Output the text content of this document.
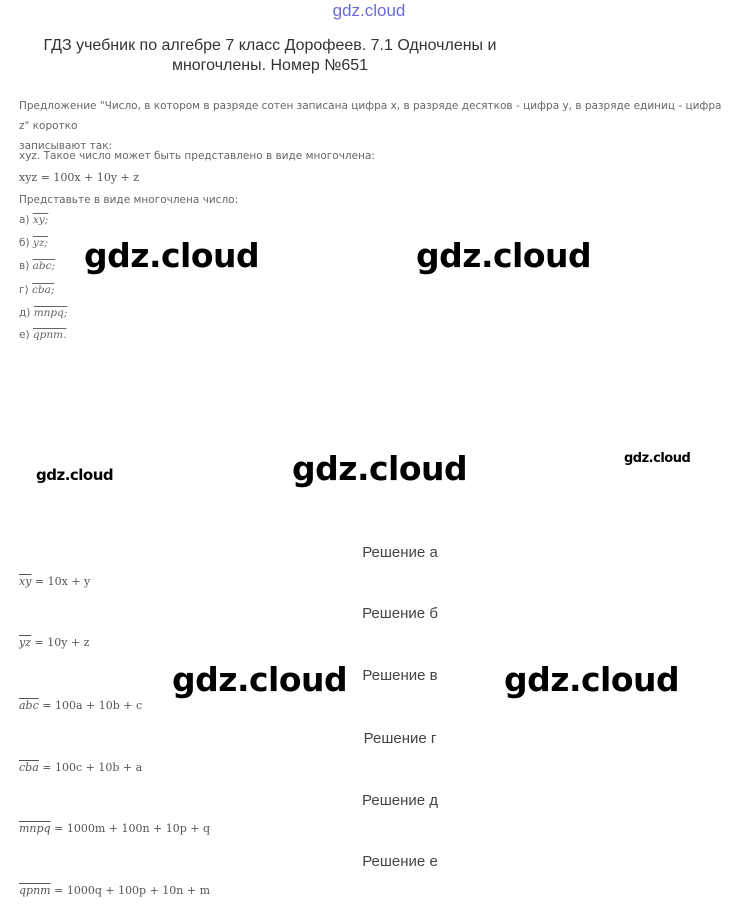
gdz.cloud
ГДЗ учебник по алгебре 7 класс Дорофеев. 7.1 Одночлены и
многочлены. Номер №651
Предложение "Число, в котором в разряде сотен записана цифра x, в разряде десятков - цифра y, в разряде единиц - цифра z" коротко
записывают так:
xyz. Такое число может быть представлено в виде многочлена:
xyz = 100x + 10y + z
Представьте в виде многочлена число:
а) xy;
б) yz;
в) abc;
г) cba;
д) mnpq;
е) qpnm.
gdz.cloud	gdz.cloud
gdz.cloud	gdz.cloud	gdz.cloud
gdz.cloud	gdz.cloud
Решение а
$\overline{xy} = 10x + y$
Решение б
$\overline{yz} = 10y + z$
Решение в
$\overline{abc} = 100a + 10b + c$
Решение г
$\overline{cba} = 100c + 10b + a$
Решение д
mnpq = 1000m + 100n + 10p + q
Решение е
qpnm = 1000q + 100p + 10n + m
